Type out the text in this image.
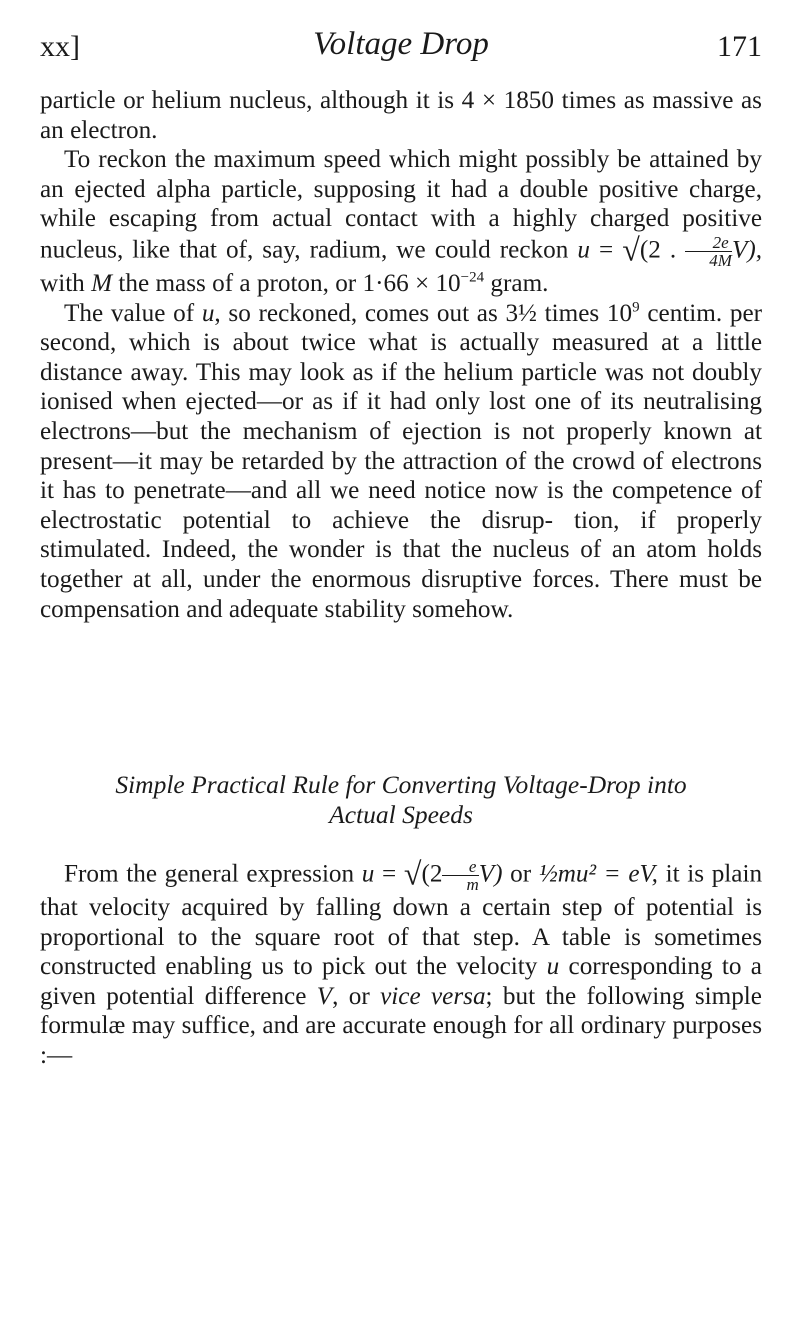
xx]	Voltage Drop	171

particle or helium nucleus, although it is 4 × 1850 times as massive as an electron.

To reckon the maximum speed which might possibly be attained by an ejected alpha particle, supposing it had a double positive charge, while escaping from actual contact with a highly charged positive nucleus, like that of, say, radium, we could reckon u = √(2 . $\frac{2e}{4M} V$), with M the mass of a proton, or $1\cdot 66 \times 10^{-24}$ gram.

The value of u, so reckoned, comes out as 3½ times $10^9$ centim. per second, which is about twice what is actually measured at a little distance away. This may look as if the helium particle was not doubly ionised when ejected—or as if it had only lost one of its neutralising electrons—but the mechanism of ejection is not properly known at present—it may be retarded by the attraction of the crowd of electrons it has to penetrate—and all we need notice now is the competence of electrostatic potential to achieve the disrup- tion, if properly stimulated. Indeed, the wonder is that the nucleus of an atom holds together at all, under the enormous disruptive forces. There must be compensation and adequate stability somehow.

Simple Practical Rule for Converting Voltage-Drop into
Actual Speeds

From the general expression $u = √(2 \frac{e}{m} V)$ or ½mu² = eV, it is plain that velocity acquired by falling down a certain step of potential is proportional to the square root of that step. A table is sometimes constructed enabling us to pick out the velocity u corresponding to a given potential difference V, or vice versa; but the following simple formulæ may suffice, and are accurate enough for all ordinary purposes :—
